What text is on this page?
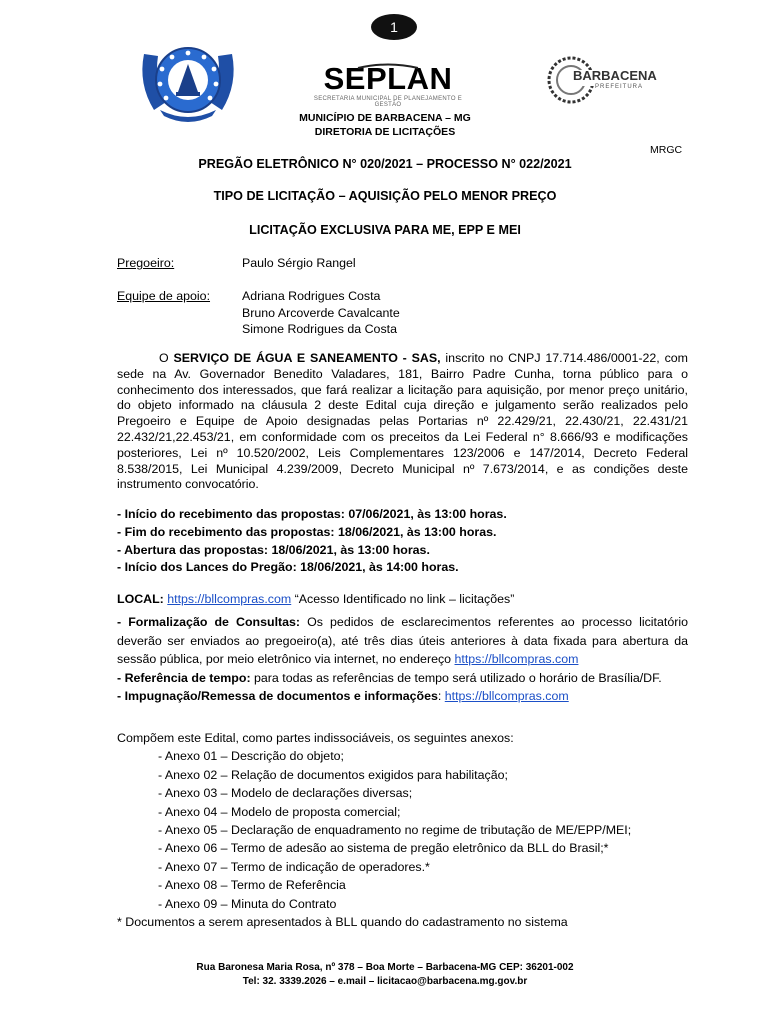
1
SEPLAN
SECRETARIA MUNICIPAL DE PLANEJAMENTO E GESTÃO
BARBACENA
PREFEITURA
MUNICÍPIO DE BARBACENA – MG
DIRETORIA DE LICITAÇÕES
MRGC
PREGÃO ELETRÔNICO N° 020/2021 – PROCESSO N° 022/2021
TIPO DE LICITAÇÃO – AQUISIÇÃO PELO MENOR PREÇO
LICITAÇÃO EXCLUSIVA PARA ME, EPP E MEI
Pregoeiro:	Paulo Sérgio Rangel
Equipe de apoio:	Adriana Rodrigues Costa
Bruno Arcoverde Cavalcante
Simone Rodrigues da Costa
O SERVIÇO DE ÁGUA E SANEAMENTO - SAS, inscrito no CNPJ 17.714.486/0001-22, com sede na Av. Governador Benedito Valadares, 181, Bairro Padre Cunha, torna público para o conhecimento dos interessados, que fará realizar a licitação para aquisição, por menor preço unitário, do objeto informado na cláusula 2 deste Edital cuja direção e julgamento serão realizados pelo Pregoeiro e Equipe de Apoio designadas pelas Portarias nº 22.429/21, 22.430/21, 22.431/21 22.432/21,22.453/21, em conformidade com os preceitos da Lei Federal n° 8.666/93 e modificações posteriores, Lei nº 10.520/2002, Leis Complementares 123/2006 e 147/2014, Decreto Federal 8.538/2015, Lei Municipal 4.239/2009, Decreto Municipal nº 7.673/2014, e as condições deste instrumento convocatório.
- Início do recebimento das propostas: 07/06/2021, às 13:00 horas.
- Fim do recebimento das propostas: 18/06/2021, às 13:00 horas.
- Abertura das propostas: 18/06/2021, às 13:00 horas.
- Início dos Lances do Pregão: 18/06/2021, às 14:00 horas.
LOCAL: https://bllcompras.com “Acesso Identificado no link – licitações”
- Formalização de Consultas: Os pedidos de esclarecimentos referentes ao processo licitatório deverão ser enviados ao pregoeiro(a), até três dias úteis anteriores à data fixada para abertura da sessão pública, por meio eletrônico via internet, no endereço https://bllcompras.com
- Referência de tempo: para todas as referências de tempo será utilizado o horário de Brasília/DF.
- Impugnação/Remessa de documentos e informações: https://bllcompras.com
Compõem este Edital, como partes indissociáveis, os seguintes anexos:
- Anexo 01 – Descrição do objeto;
- Anexo 02 – Relação de documentos exigidos para habilitação;
- Anexo 03 – Modelo de declarações diversas;
- Anexo 04 – Modelo de proposta comercial;
- Anexo 05 – Declaração de enquadramento no regime de tributação de ME/EPP/MEI;
- Anexo 06 – Termo de adesão ao sistema de pregão eletrônico da BLL do Brasil;*
- Anexo 07 – Termo de indicação de operadores.*
- Anexo 08 – Termo de Referência
- Anexo 09 – Minuta do Contrato
* Documentos a serem apresentados à BLL quando do cadastramento no sistema
Rua Baronesa Maria Rosa, nº 378 – Boa Morte – Barbacena-MG CEP: 36201-002
Tel: 32. 3339.2026 – e.mail – licitacao@barbacena.mg.gov.br
